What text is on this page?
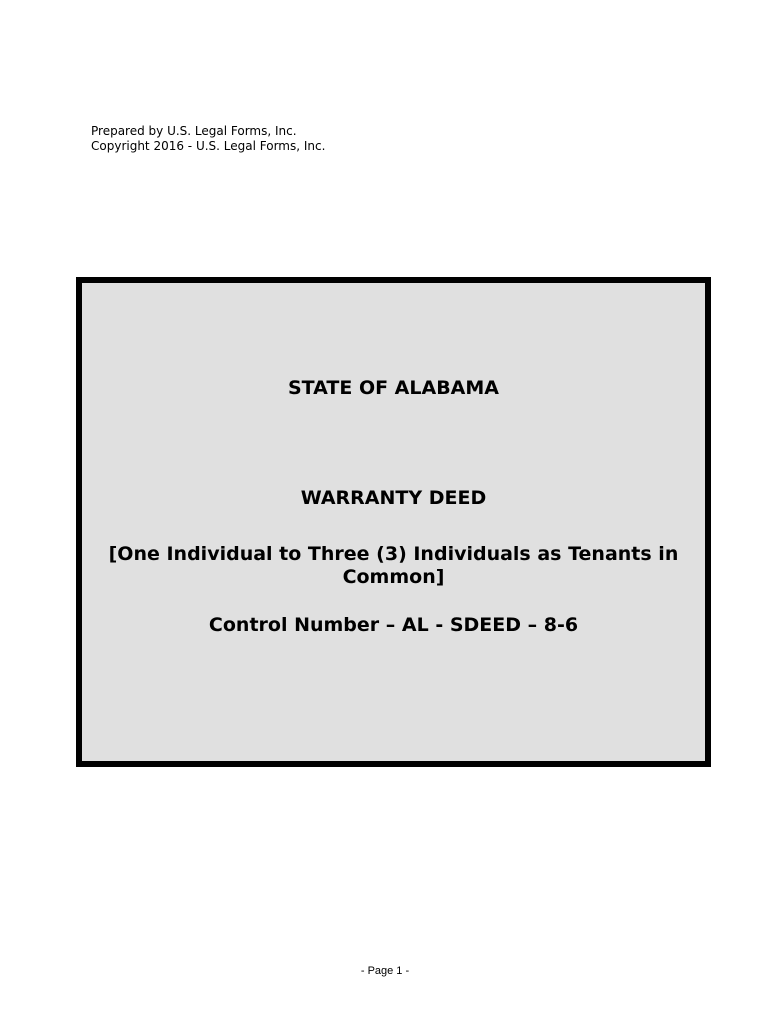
Prepared by U.S. Legal Forms, Inc.
Copyright 2016 - U.S. Legal Forms, Inc.
STATE OF ALABAMA
WARRANTY DEED
[One Individual to Three (3) Individuals as Tenants in Common]
Control Number – AL - SDEED – 8-6
- Page 1 -
